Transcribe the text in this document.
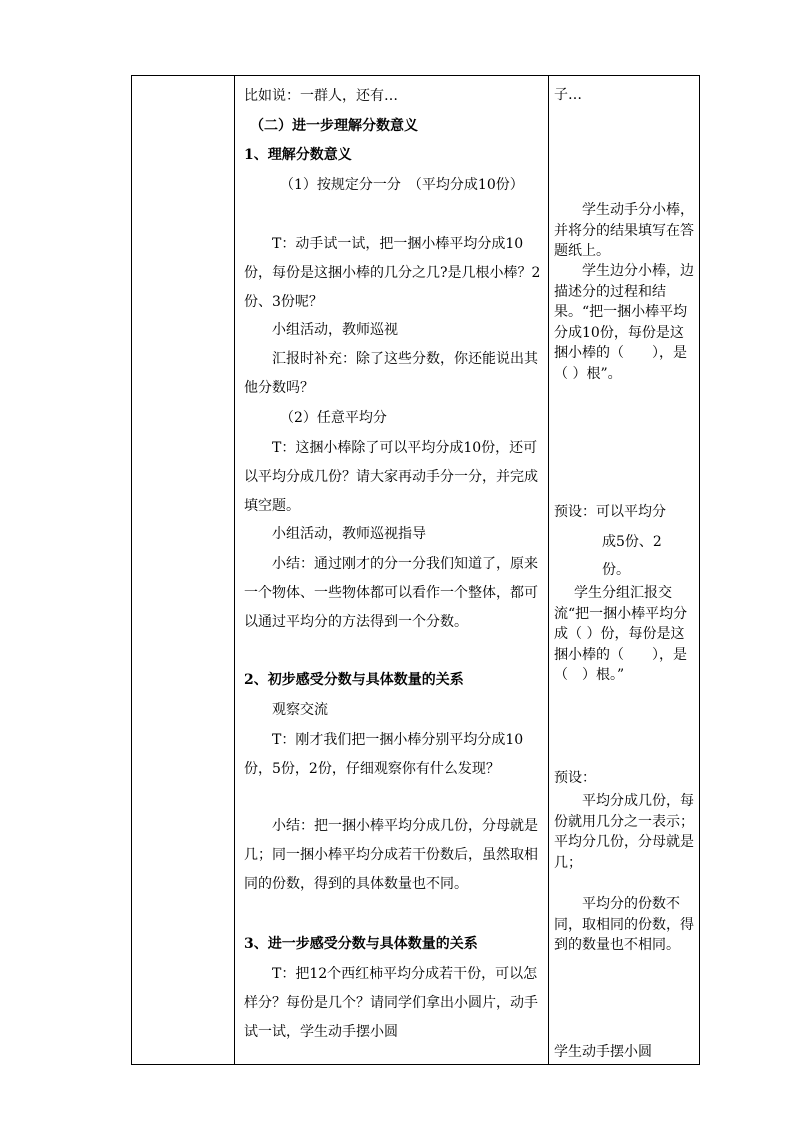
比如说：一群人，还有…

（二）进一步理解分数意义

1、理解分数意义

（1）按规定分一分　（平均分成10份）

T：动手试一试，把一捆小棒平均分成10份，每份是这捆小棒的几分之几?是几根小棒？2份、3份呢？

小组活动，教师巡视

汇报时补充：除了这些分数，你还能说出其他分数吗？

（2）任意平均分

T：这捆小棒除了可以平均分成10份，还可以平均分成几份？请大家再动手分一分，并完成填空题。

小组活动，教师巡视指导

小结：通过刚才的分一分我们知道了，原来一个物体、一些物体都可以看作一个整体，都可以通过平均分的方法得到一个分数。

2、初步感受分数与具体数量的关系

观察交流

T：刚才我们把一捆小棒分别平均分成10份，5份，2份，仔细观察你有什么发现？

小结：把一捆小棒平均分成几份，分母就是几；同一捆小棒平均分成若干份数后，虽然取相同的份数，得到的具体数量也不同。

3、进一步感受分数与具体数量的关系

T：把12个西红柿平均分成若干份，可以怎样分？每份是几个？请同学们拿出小圆片，动手试一试，学生动手摆小圆

子…

学生动手分小棒，并将分的结果填写在答题纸上。

学生边分小棒，边描述分的过程和结果。“把一捆小棒平均分成10份，每份是这捆小棒的（　　），是（ ）根”。

预设：可以平均分

成5份、2

份。

学生分组汇报交流“把一捆小棒平均分成（ ）份，每份是这捆小棒的（　　），是（　）根。”

预设：

平均分成几份，每份就用几分之一表示；平均分几份，分母就是几；

平均分的份数不同，取相同的份数，得到的数量也不相同。

学生动手摆小圆
